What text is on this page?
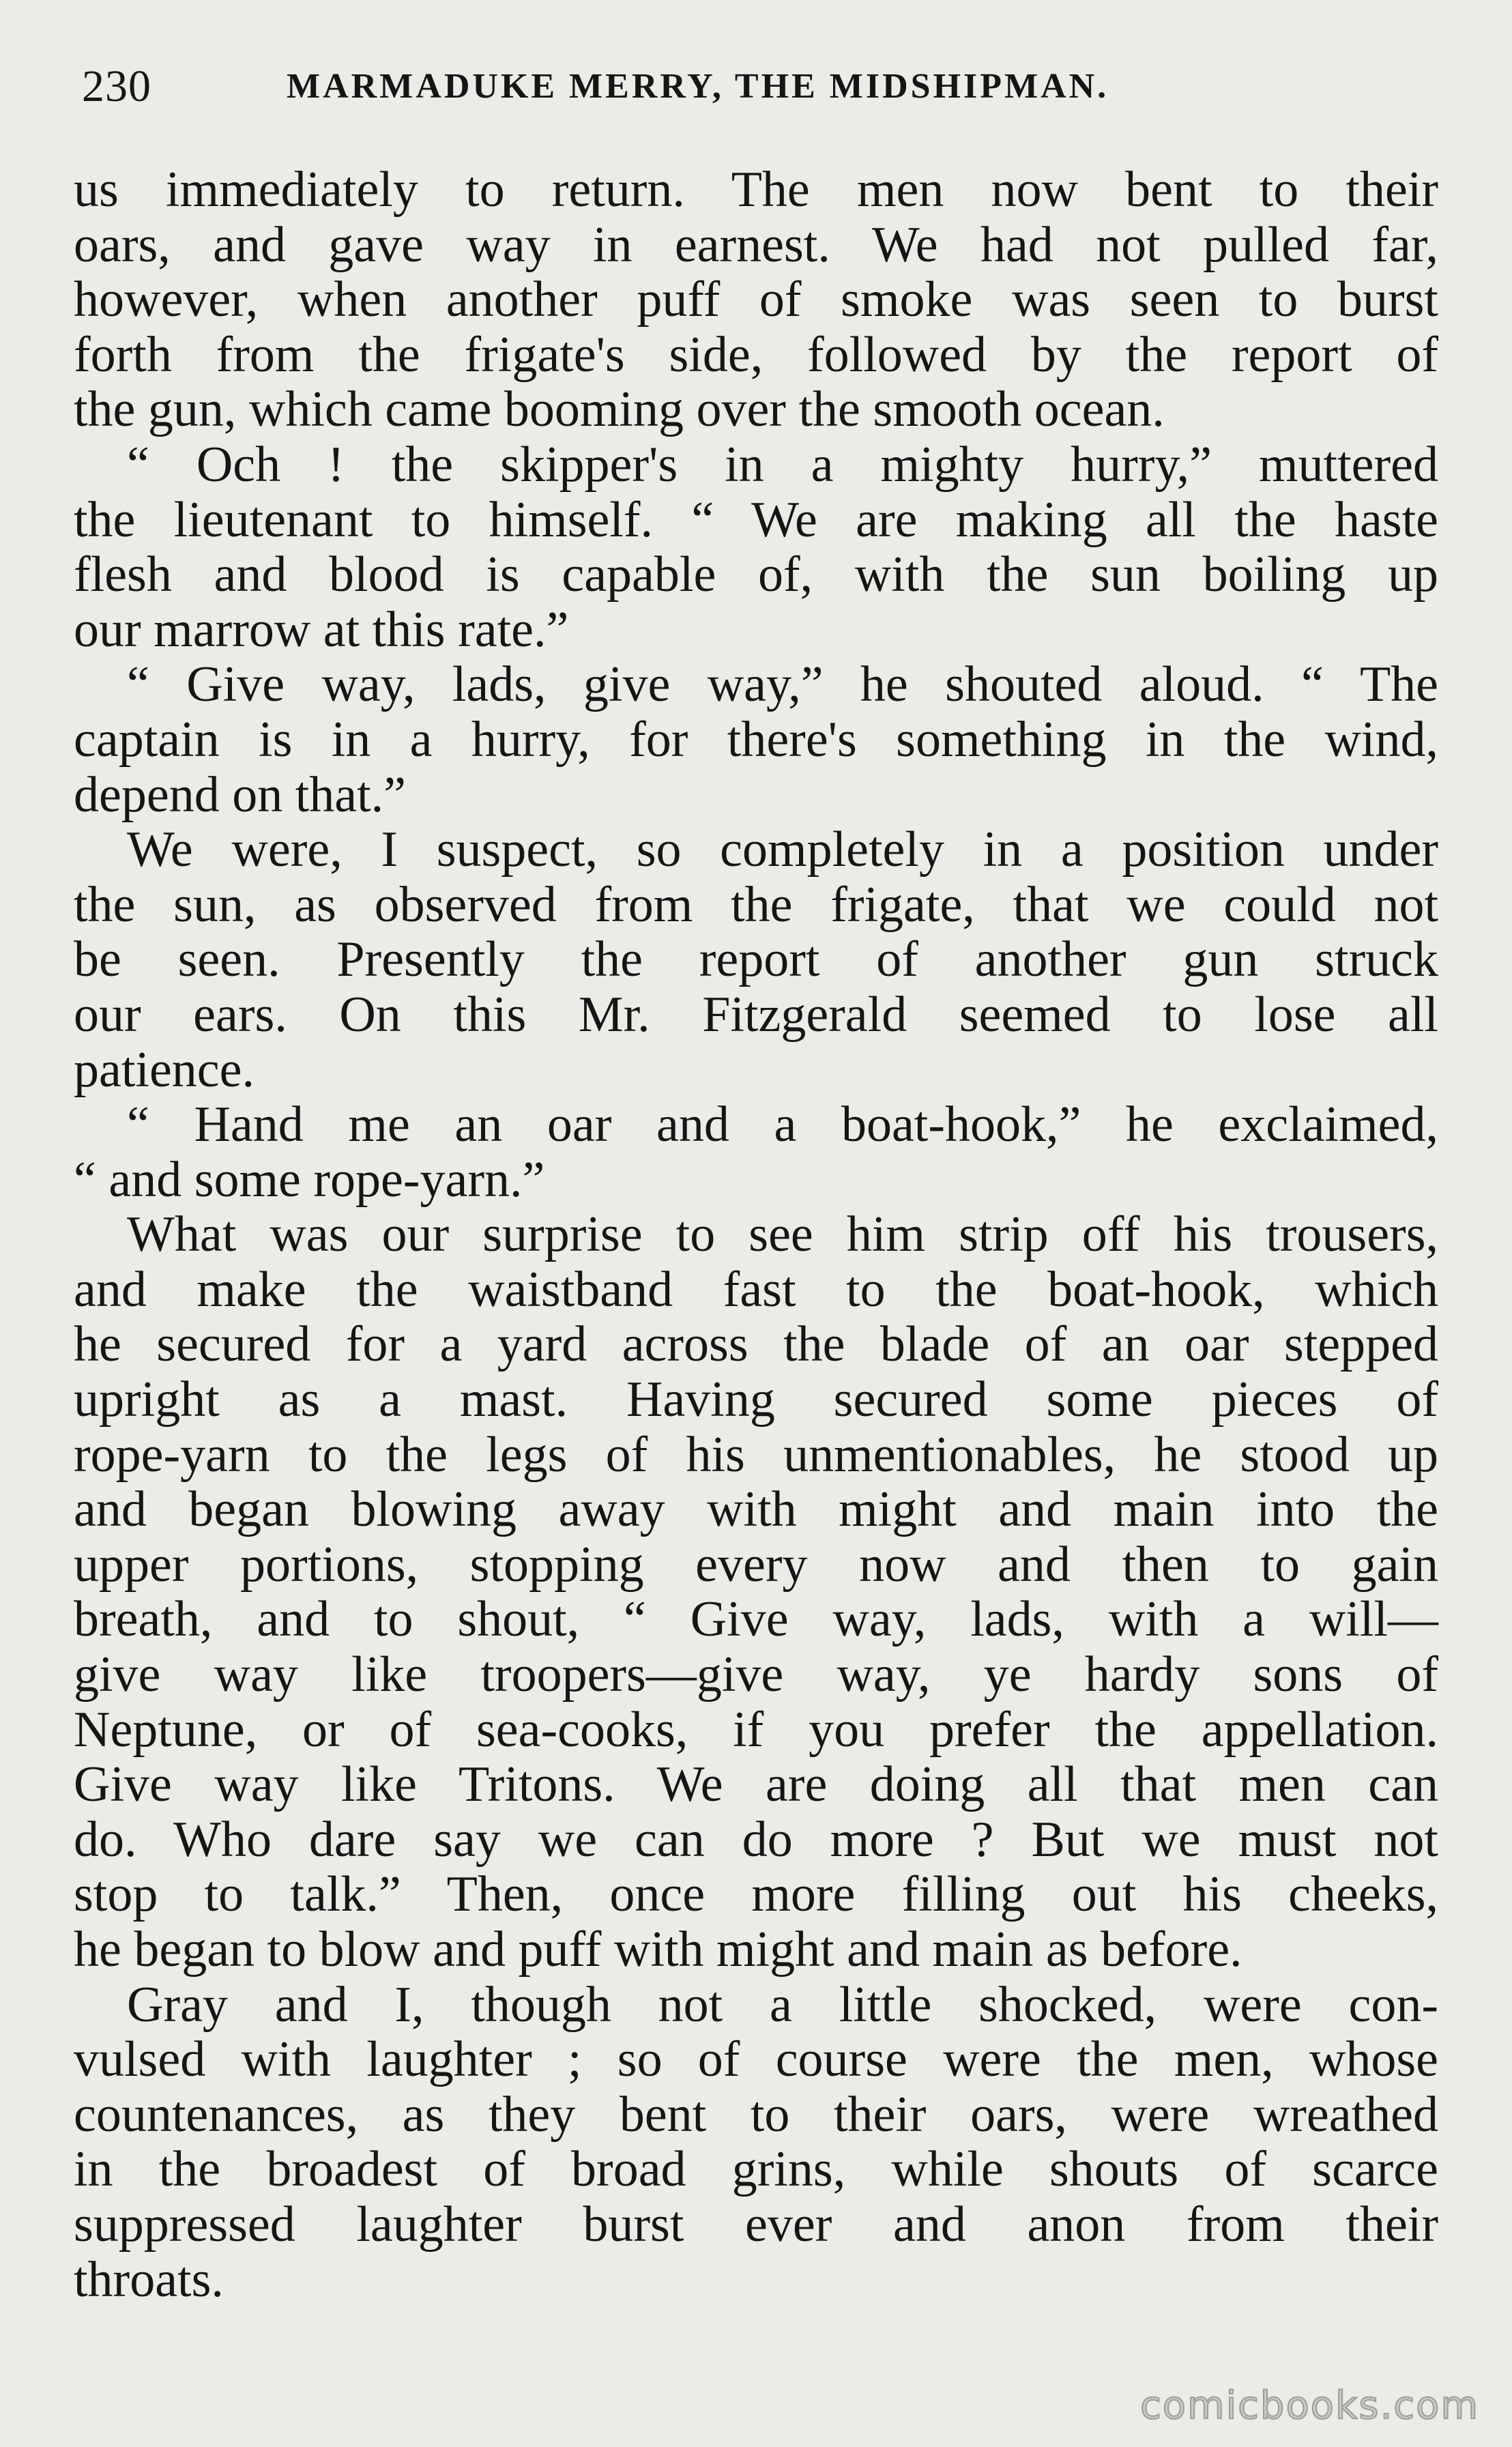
230	MARMADUKE MERRY, THE MIDSHIPMAN.
us immediately to return. The men now bent to their
oars, and gave way in earnest. We had not pulled far,
however, when another puff of smoke was seen to burst
forth from the frigate's side, followed by the report of
the gun, which came booming over the smooth ocean.
“ Och ! the skipper's in a mighty hurry,” muttered
the lieutenant to himself. “ We are making all the haste
flesh and blood is capable of, with the sun boiling up
our marrow at this rate.”
“ Give way, lads, give way,” he shouted aloud. “ The
captain is in a hurry, for there's something in the wind,
depend on that.”
We were, I suspect, so completely in a position under
the sun, as observed from the frigate, that we could not
be seen. Presently the report of another gun struck
our ears. On this Mr. Fitzgerald seemed to lose all
patience.
“ Hand me an oar and a boat-hook,” he exclaimed,
“ and some rope-yarn.”
What was our surprise to see him strip off his trousers,
and make the waistband fast to the boat-hook, which
he secured for a yard across the blade of an oar stepped
upright as a mast. Having secured some pieces of
rope-yarn to the legs of his unmentionables, he stood up
and began blowing away with might and main into the
upper portions, stopping every now and then to gain
breath, and to shout, “ Give way, lads, with a will—
give way like troopers—give way, ye hardy sons of
Neptune, or of sea-cooks, if you prefer the appellation.
Give way like Tritons. We are doing all that men can
do. Who dare say we can do more ? But we must not
stop to talk.” Then, once more filling out his cheeks,
he began to blow and puff with might and main as before.
Gray and I, though not a little shocked, were con-
vulsed with laughter ; so of course were the men, whose
countenances, as they bent to their oars, were wreathed
in the broadest of broad grins, while shouts of scarce
suppressed laughter burst ever and anon from their
throats.
comicbooks.com
